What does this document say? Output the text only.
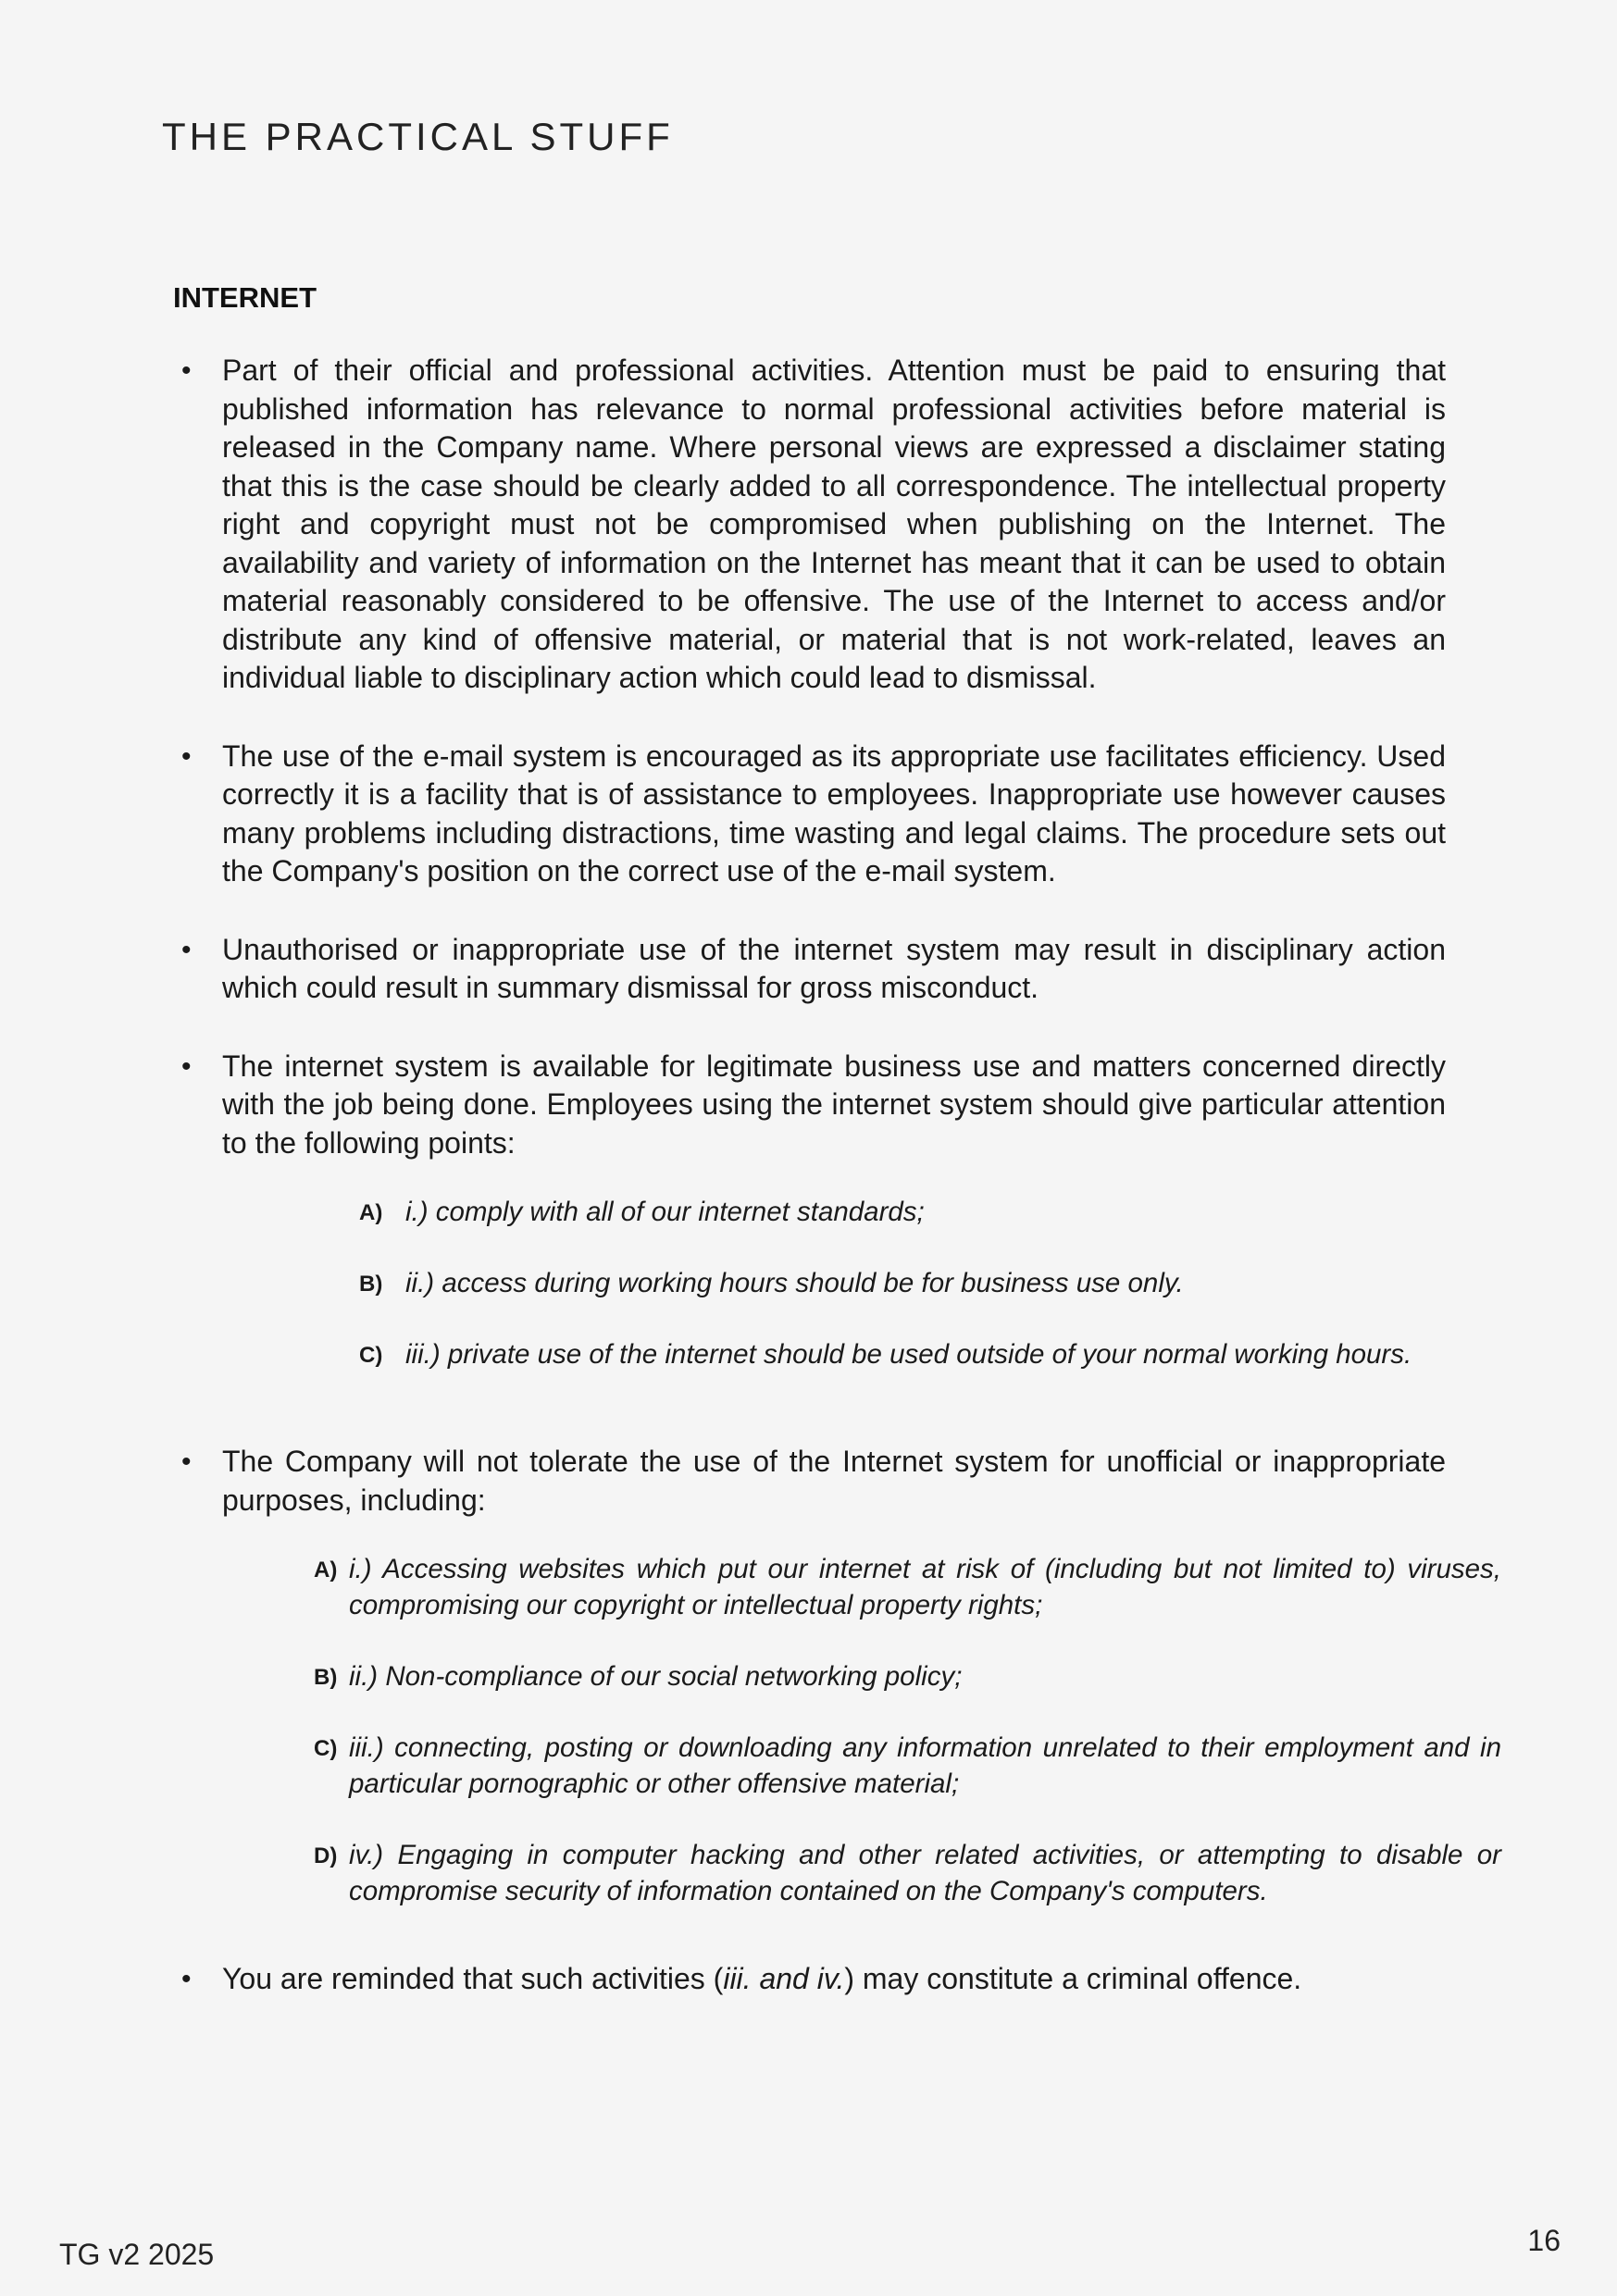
THE PRACTICAL STUFF
INTERNET

• Part of their official and professional activities. Attention must be paid to ensuring that published information has relevance to normal professional activities before material is released in the Company name. Where personal views are expressed a disclaimer stating that this is the case should be clearly added to all correspondence. The intellectual property right and copyright must not be compromised when publishing on the Internet. The availability and variety of information on the Internet has meant that it can be used to obtain material reasonably considered to be offensive. The use of the Internet to access and/or distribute any kind of offensive material, or material that is not work-related, leaves an individual liable to disciplinary action which could lead to dismissal.

• The use of the e-mail system is encouraged as its appropriate use facilitates efficiency. Used correctly it is a facility that is of assistance to employees. Inappropriate use however causes many problems including distractions, time wasting and legal claims. The procedure sets out the Company's position on the correct use of the e-mail system.

• Unauthorised or inappropriate use of the internet system may result in disciplinary action which could result in summary dismissal for gross misconduct.

• The internet system is available for legitimate business use and matters concerned directly with the job being done. Employees using the internet system should give particular attention to the following points:

A) i.) comply with all of our internet standards;
B) ii.) access during working hours should be for business use only.
C) iii.) private use of the internet should be used outside of your normal working hours.

• The Company will not tolerate the use of the Internet system for unofficial or inappropriate purposes, including:

A) i.) Accessing websites which put our internet at risk of (including but not limited to) viruses, compromising our copyright or intellectual property rights;
B) ii.) Non-compliance of our social networking policy;
C) iii.) connecting, posting or downloading any information unrelated to their employment and in particular pornographic or other offensive material;
D) iv.) Engaging in computer hacking and other related activities, or attempting to disable or compromise security of information contained on the Company's computers.

• You are reminded that such activities (iii. and iv.) may constitute a criminal offence.

TG v2 2025	16
